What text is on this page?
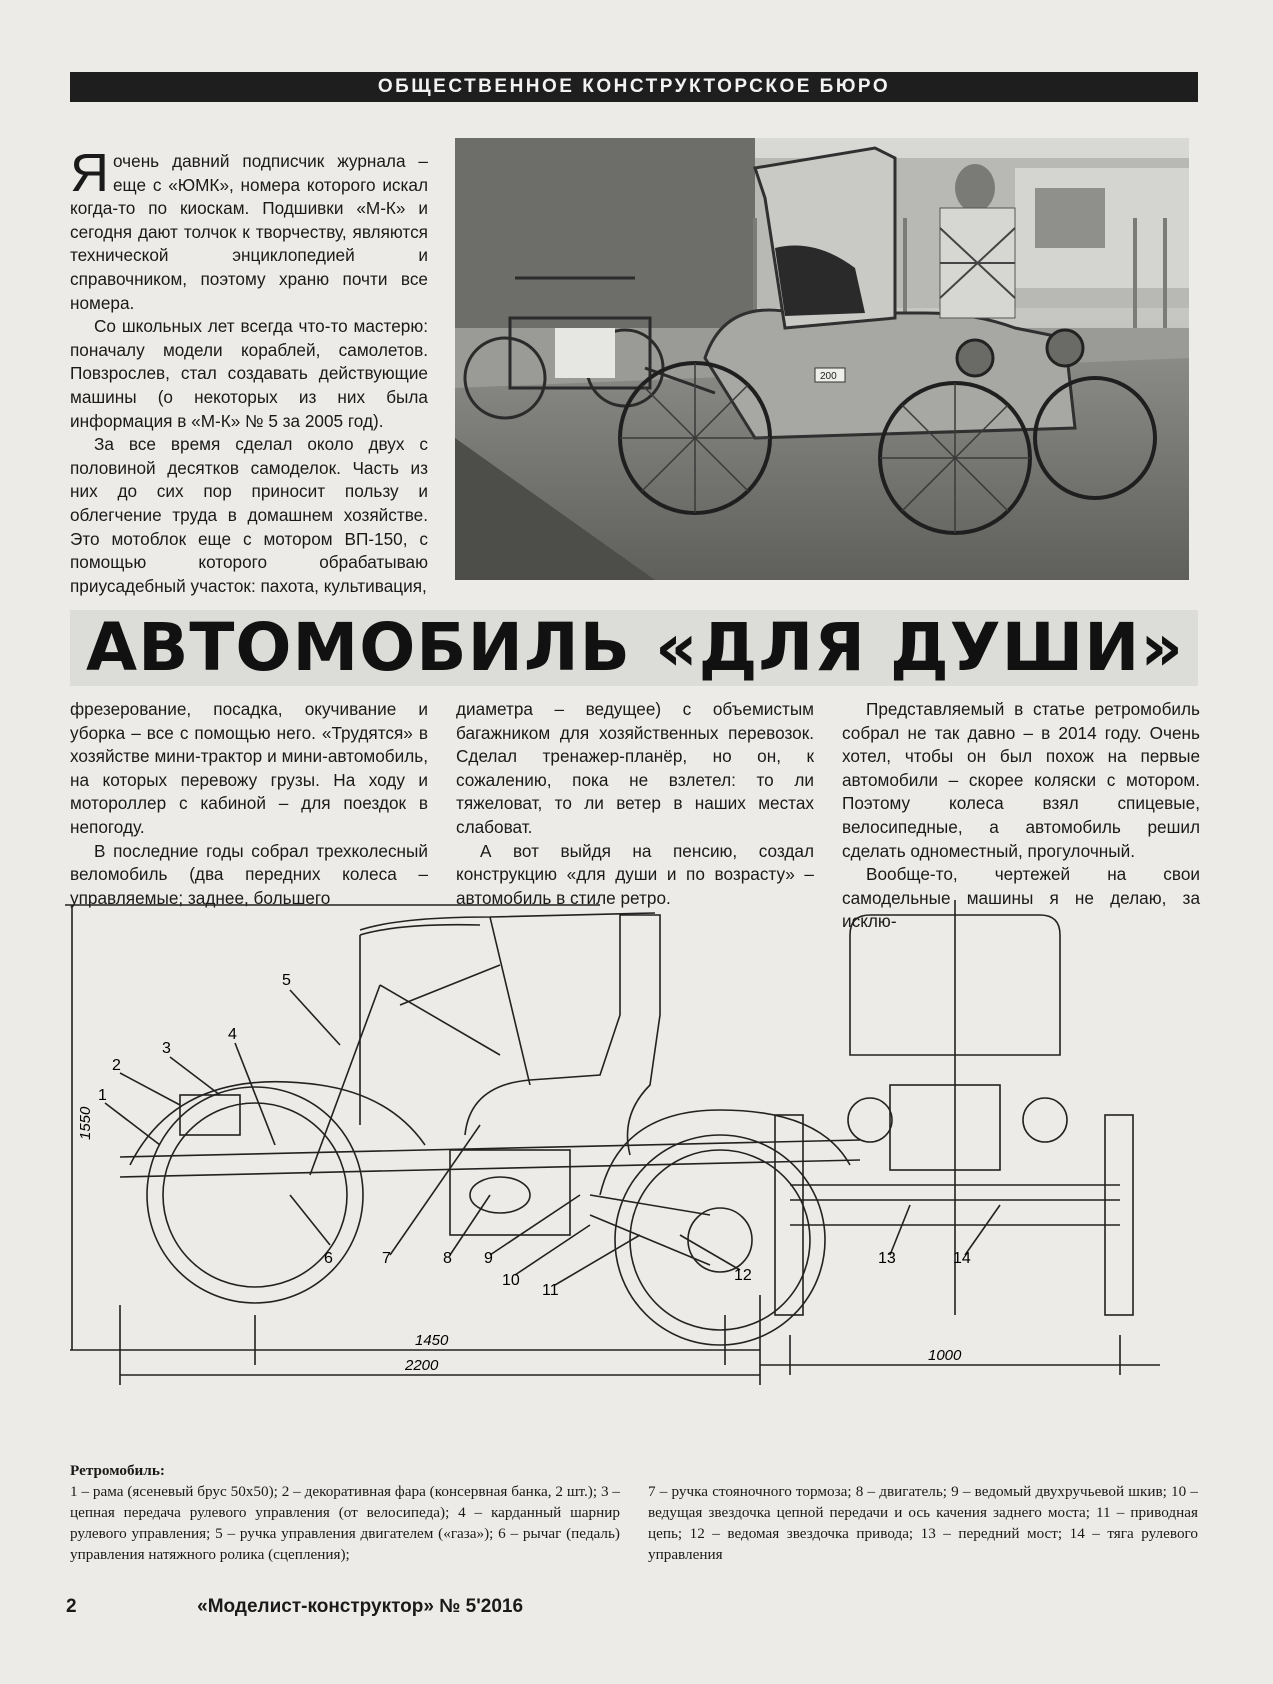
ОБЩЕСТВЕННОЕ КОНСТРУКТОРСКОЕ БЮРО

Яочень давний подписчик журнала – еще с «ЮМК», номера которого искал когда-то по киоскам. Подшивки «М-К» и сегодня дают толчок к творчеству, являются технической энциклопедией и справочником, поэтому храню почти все номера.

Со школьных лет всегда что-то мастерю: поначалу модели кораблей, самолетов. Повзрослев, стал создавать действующие машины (о некоторых из них была информация в «М-К» № 5 за 2005 год).

За все время сделал около двух с половиной десятков самоделок. Часть из них до сих пор приносит пользу и облегчение труда в домашнем хозяйстве. Это мотоблок еще с мотором ВП-150, с помощью которого обрабатываю приусадебный участок: пахота, культивация,

200
АВТОМОБИЛЬ «ДЛЯ ДУШИ»

фрезерование, посадка, окучивание и уборка – все с помощью него. «Трудятся» в хозяйстве мини-трактор и мини-автомобиль, на которых перевожу грузы. На ходу и мотороллер с кабиной – для поездок в непогоду.

В последние годы собрал трехколесный веломобиль (два передних колеса – управляемые; заднее, большего

диаметра – ведущее) с объемистым багажником для хозяйственных перевозок. Сделал тренажер-планёр, но он, к сожалению, пока не взлетел: то ли тяжеловат, то ли ветер в наших местах слабоват.

А вот выйдя на пенсию, создал конструкцию «для души и по возрасту» – автомобиль в стиле ретро.

Представляемый в статье ретромобиль собрал не так давно – в 2014 году. Очень хотел, чтобы он был похож на первые автомобили – скорее коляски с мотором. Поэтому колеса взял спицевые, велосипедные, а автомобиль решил сделать одноместный, прогулочный.

Вообще-то, чертежей на свои самодельные машины я не делаю, за исклю-

1550
1450
2200
1000
1
2
3
4
5
6	7	8 9
10
11
12
13	14
Ретромобиль:
1 – рама (ясеневый брус 50х50); 2 – декоративная фара (консервная банка, 2 шт.); 3 – цепная передача рулевого управления (от велосипеда); 4 – карданный шарнир рулевого управления; 5 – ручка управления двигателем («газа»); 6 – рычаг (педаль) управления натяжного ролика (сцепления);
7 – ручка стояночного тормоза; 8 – двигатель; 9 – ведомый двухручьевой шкив; 10 – ведущая звездочка цепной передачи и ось качения заднего моста; 11 – приводная цепь; 12 – ведомая звездочка привода; 13 – передний мост; 14 – тяга рулевого управления
2	«Моделист-конструктор» № 5'2016
